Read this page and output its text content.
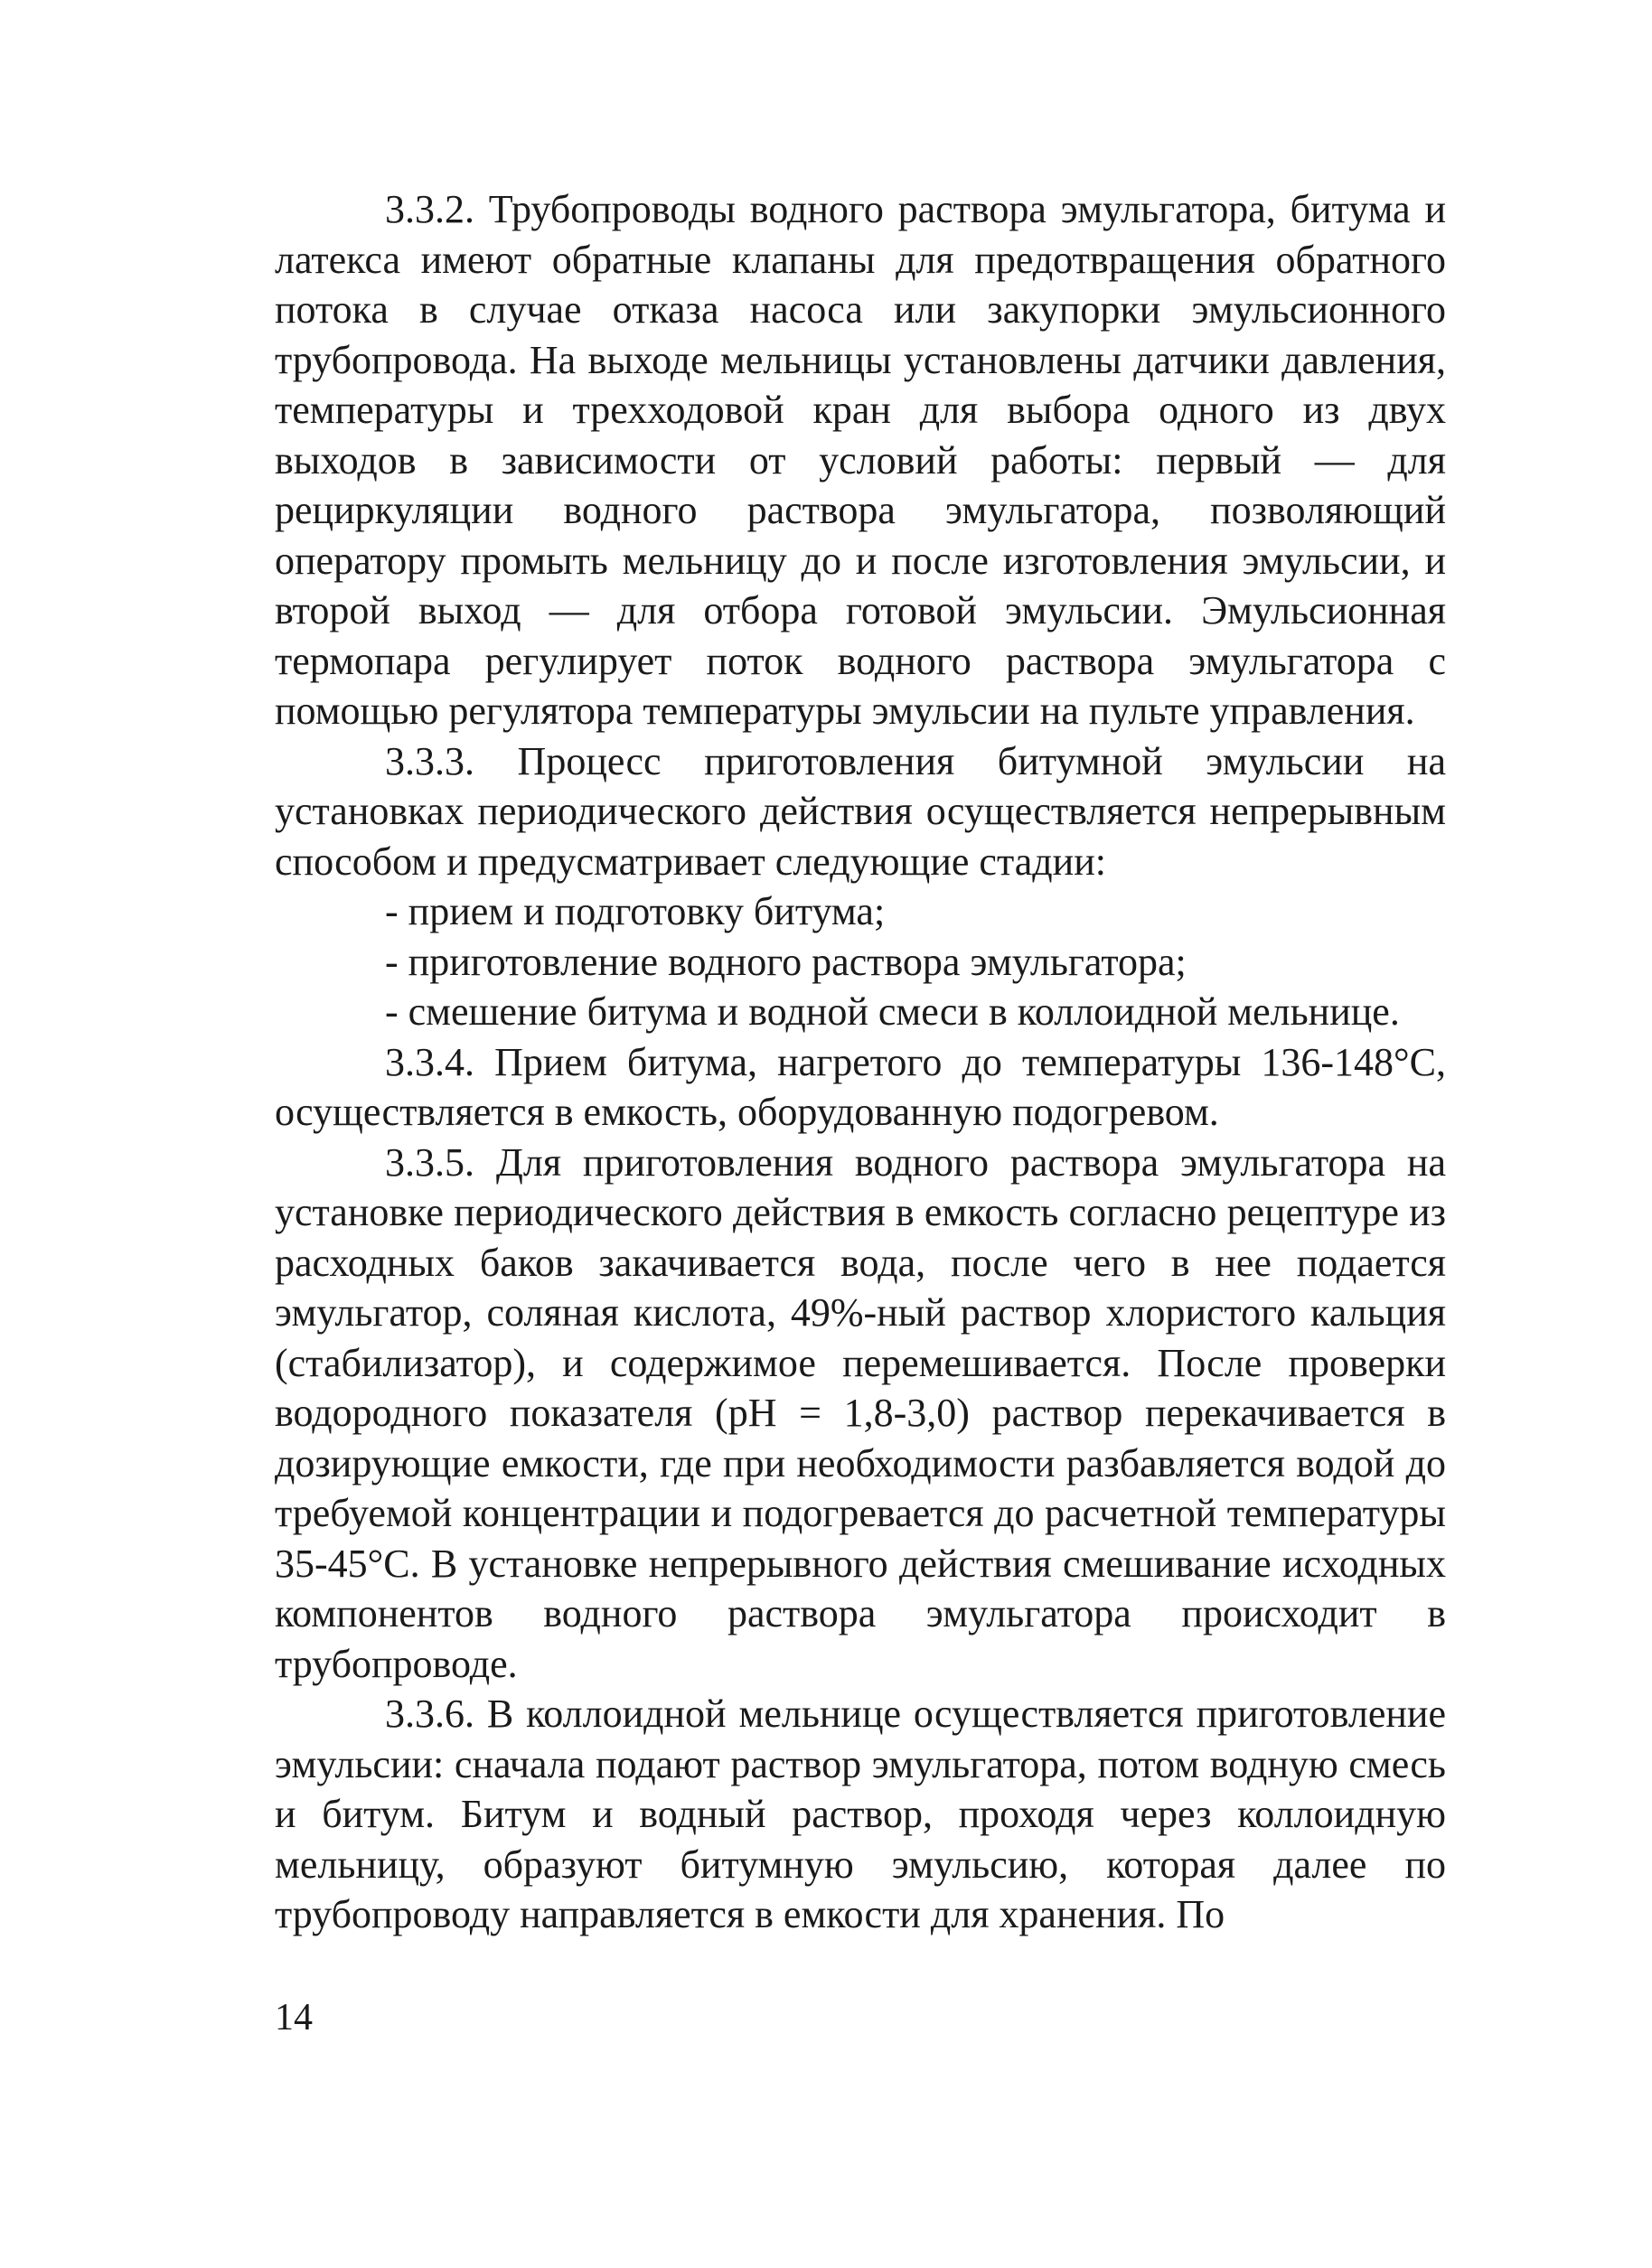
3.3.2. Трубопроводы водного раствора эмульгатора, битума и латекса имеют обратные клапаны для предотвращения обратного потока в случае отказа насоса или закупорки эмульсионного трубопровода. На выходе мельницы установлены датчики давления, температуры и трехходовой кран для выбора одного из двух выходов в зависимости от условий работы: первый — для рециркуляции водного раствора эмульгатора, позволяющий оператору промыть мельницу до и после изготовления эмульсии, и второй выход — для отбора готовой эмульсии. Эмульсионная термопара регулирует поток водного раствора эмульгатора с помощью регулятора температуры эмульсии на пульте управления.

3.3.3. Процесс приготовления битумной эмульсии на установках периодического действия осуществляется непрерывным способом и предусматривает следующие стадии:

- прием и подготовку битума;
- приготовление водного раствора эмульгатора;
- смешение битума и водной смеси в коллоидной мельнице.

3.3.4. Прием битума, нагретого до температуры 136-148°С, осуществляется в емкость, оборудованную подогревом.

3.3.5. Для приготовления водного раствора эмульгатора на установке периодического действия в емкость согласно рецептуре из расходных баков закачивается вода, после чего в нее подается эмульгатор, соляная кислота, 49%-ный раствор хлористого кальция (стабилизатор), и содержимое перемешивается. После проверки водородного показателя (рН = 1,8-3,0) раствор перекачивается в дозирующие емкости, где при необходимости разбавляется водой до требуемой концентрации и подогревается до расчетной температуры 35-45°С. В установке непрерывного действия смешивание исходных компонентов водного раствора эмульгатора происходит в трубопроводе.

3.3.6. В коллоидной мельнице осуществляется приготовление эмульсии: сначала подают раствор эмульгатора, потом водную смесь и битум. Битум и водный раствор, проходя через коллоидную мельницу, образуют битумную эмульсию, которая далее по трубопроводу направляется в емкости для хранения. По

14
